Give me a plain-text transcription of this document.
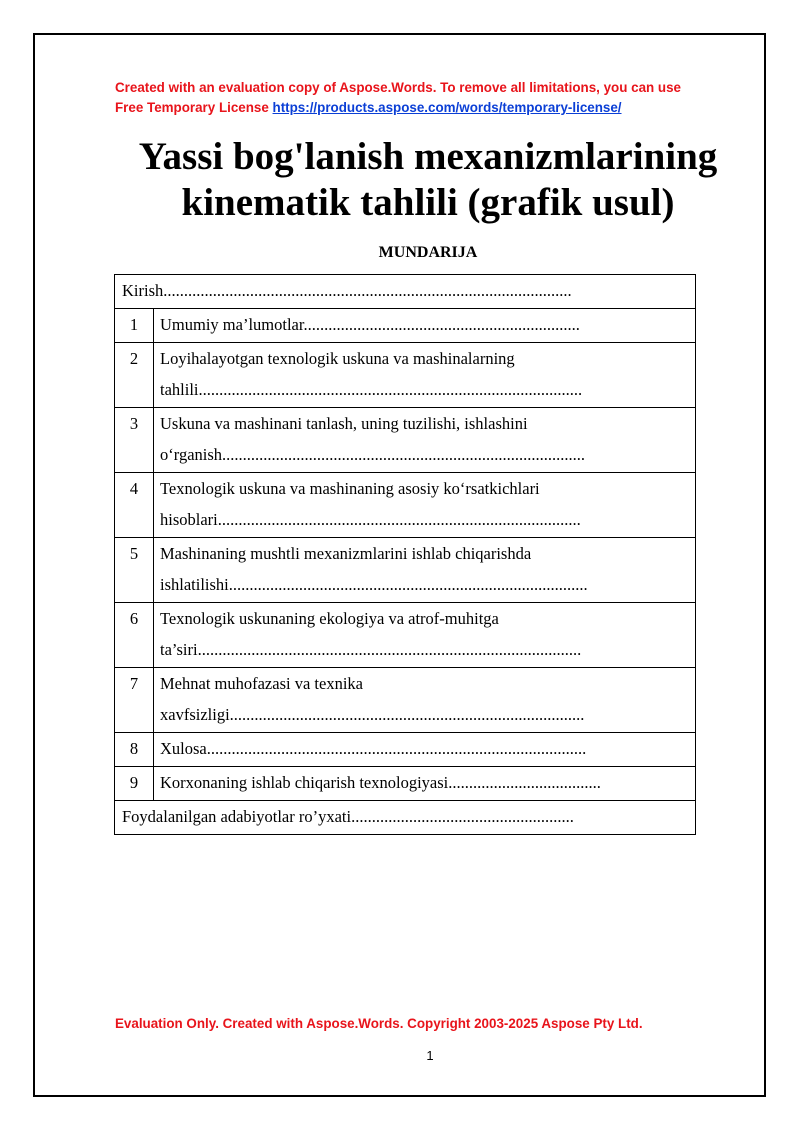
Created with an evaluation copy of Aspose.Words. To remove all limitations, you can use
Free Temporary License https://products.aspose.com/words/temporary-license/
Yassi bog'lanish mexanizmlarining
kinematik tahlili (grafik usul)
MUNDARIJA
Kirish...................................................................................................	
1	Umumiy ma’lumotlar...................................................................

2	Loyihalayotgan texnologik uskuna va mashinalarning
tahlili.............................................................................................

3	Uskuna va mashinani tanlash, uning tuzilishi, ishlashini
o‘rganish........................................................................................

4	Texnologik uskuna va mashinaning asosiy ko‘rsatkichlari
hisoblari........................................................................................

5	Mashinaning mushtli mexanizmlarini ishlab chiqarishda
ishlatilishi.......................................................................................

6	Texnologik uskunaning ekologiya va atrof-muhitga
ta’siri.............................................................................................

7	Mehnat muhofazasi va texnika
xavfsizligi......................................................................................

8	Xulosa............................................................................................

9	Korxonaning ishlab chiqarish texnologiyasi.....................................

Foydalanilgan adabiyotlar ro’yxati......................................................	
Evaluation Only. Created with Aspose.Words. Copyright 2003-2025 Aspose Pty Ltd.
1
